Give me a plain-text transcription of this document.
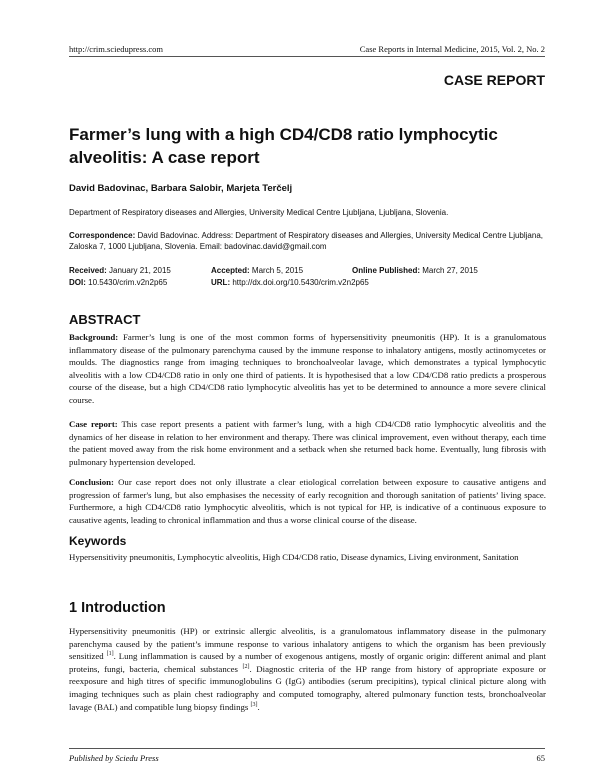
http://crim.sciedupress.com	Case Reports in Internal Medicine, 2015, Vol. 2, No. 2
CASE REPORT
Farmer’s lung with a high CD4/CD8 ratio lymphocytic alveolitis: A case report
David Badovinac, Barbara Salobir, Marjeta Terčelj
Department of Respiratory diseases and Allergies, University Medical Centre Ljubljana, Ljubljana, Slovenia.
Correspondence: David Badovinac. Address: Department of Respiratory diseases and Allergies, University Medical Centre Ljubljana, Zaloska 7, 1000 Ljubljana, Slovenia. Email: badovinac.david@gmail.com
Received: January 21, 2015	Accepted: March 5, 2015	Online Published: March 27, 2015
DOI: 10.5430/crim.v2n2p65	URL: http://dx.doi.org/10.5430/crim.v2n2p65
ABSTRACT
Background: Farmer’s lung is one of the most common forms of hypersensitivity pneumonitis (HP). It is a granulomatous inflammatory disease of the pulmonary parenchyma caused by the immune response to inhalatory antigens, mostly actinomycetes or moulds. The diagnostics range from imaging techniques to bronchoalveolar lavage, which demonstrates a typical lymphocytic alveolitis with a low CD4/CD8 ratio in only one third of patients. It is hypothesised that a low CD4/CD8 ratio predicts a prosperous course of the disease, but a high CD4/CD8 ratio lymphocytic alveolitis has yet to be determined to announce a more severe clinical course.
Case report: This case report presents a patient with farmer’s lung, with a high CD4/CD8 ratio lymphocytic alveolitis and the dynamics of her disease in relation to her environment and therapy. There was clinical improvement, even without therapy, each time the patient moved away from the risk home environment and a setback when she returned back home. Eventually, lung fibrosis with pulmonary hypertension developed.
Conclusion: Our case report does not only illustrate a clear etiological correlation between exposure to causative antigens and progression of farmer's lung, but also emphasises the necessity of early recognition and thorough sanitation of patients’ living space. Furthermore, a high CD4/CD8 ratio lymphocytic alveolitis, which is not typical for HP, is indicative of a continuous exposure to causative agents, leading to chronical inflammation and thus a worse clinical course of the disease.
Keywords
Hypersensitivity pneumonitis, Lymphocytic alveolitis, High CD4/CD8 ratio, Disease dynamics, Living environment, Sanitation
1 Introduction
Hypersensitivity pneumonitis (HP) or extrinsic allergic alveolitis, is a granulomatous inflammatory disease in the pulmonary parenchyma caused by the patient’s immune response to various inhalatory antigens to which the organism has been previously sensitized [1]. Lung inflammation is caused by a number of exogenous antigens, mostly of organic origin: different animal and plant proteins, fungi, bacteria, chemical substances [2]. Diagnostic criteria of the HP range from history of appropriate exposure or reexposure and high titres of specific immunoglobulins G (IgG) antibodies (serum precipitins), typical clinical picture along with imaging techniques such as plain chest radiography and computed tomography, altered pulmonary function tests, bronchoalveolar lavage (BAL) and compatible lung biopsy findings [3].
Published by Sciedu Press	65
